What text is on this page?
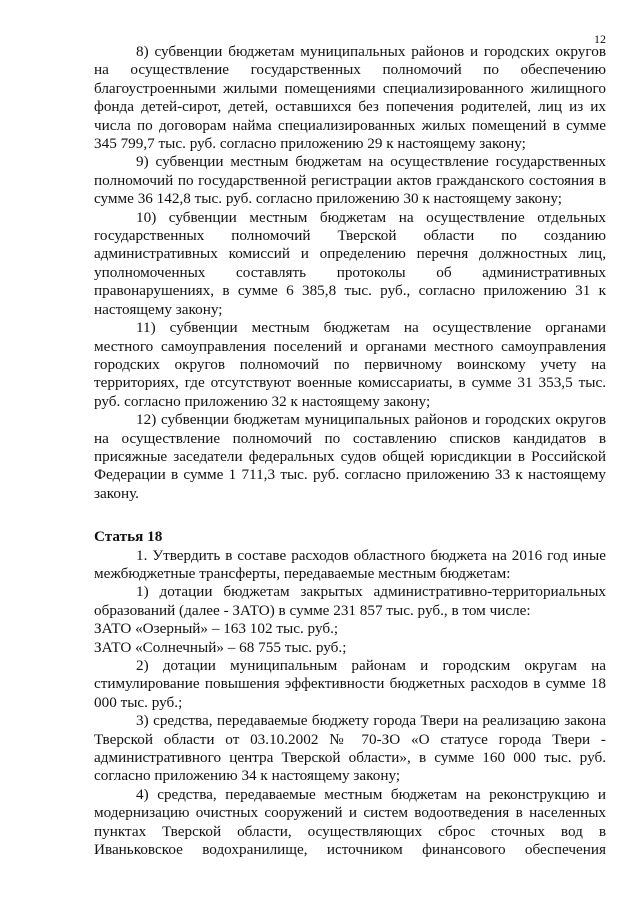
12

8) субвенции бюджетам муниципальных районов и городских округов на осуществление государственных полномочий по обеспечению благоустроенными жилыми помещениями специализированного жилищного фонда детей-сирот, детей, оставшихся без попечения родителей, лиц из их числа по договорам найма специализированных жилых помещений в сумме 345 799,7 тыс. руб. согласно приложению 29 к настоящему закону;

9) субвенции местным бюджетам на осуществление государственных полномочий по государственной регистрации актов гражданского состояния в сумме 36 142,8 тыс. руб. согласно приложению 30 к настоящему закону;

10) субвенции местным бюджетам на осуществление отдельных государственных полномочий Тверской области по созданию административных комиссий и определению перечня должностных лиц, уполномоченных составлять протоколы об административных правонарушениях, в сумме 6 385,8 тыс. руб., согласно приложению 31 к настоящему закону;

11) субвенции местным бюджетам на осуществление органами местного самоуправления поселений и органами местного самоуправления городских округов полномочий по первичному воинскому учету на территориях, где отсутствуют военные комиссариаты, в сумме 31 353,5 тыс. руб. согласно приложению 32 к настоящему закону;

12) субвенции бюджетам муниципальных районов и городских округов на осуществление полномочий по составлению списков кандидатов в присяжные заседатели федеральных судов общей юрисдикции в Российской Федерации в сумме 1 711,3 тыс. руб. согласно приложению 33 к настоящему закону.

Статья 18

1. Утвердить в составе расходов областного бюджета на 2016 год иные межбюджетные трансферты, передаваемые местным бюджетам:

1) дотации бюджетам закрытых административно-территориальных образований (далее - ЗАТО) в сумме 231 857 тыс. руб., в том числе:

ЗАТО «Озерный» – 163 102 тыс. руб.;

ЗАТО «Солнечный» – 68 755 тыс. руб.;

2) дотации муниципальным районам и городским округам на стимулирование повышения эффективности бюджетных расходов в сумме 18 000 тыс. руб.;

3) средства, передаваемые бюджету города Твери на реализацию закона Тверской области от 03.10.2002 № 70-ЗО «О статусе города Твери - административного центра Тверской области», в сумме 160 000 тыс. руб. согласно приложению 34 к настоящему закону;

4) средства, передаваемые местным бюджетам на реконструкцию и модернизацию очистных сооружений и систем водоотведения в населенных пунктах Тверской области, осуществляющих сброс сточных вод в Иваньковское водохранилище, источником финансового обеспечения
